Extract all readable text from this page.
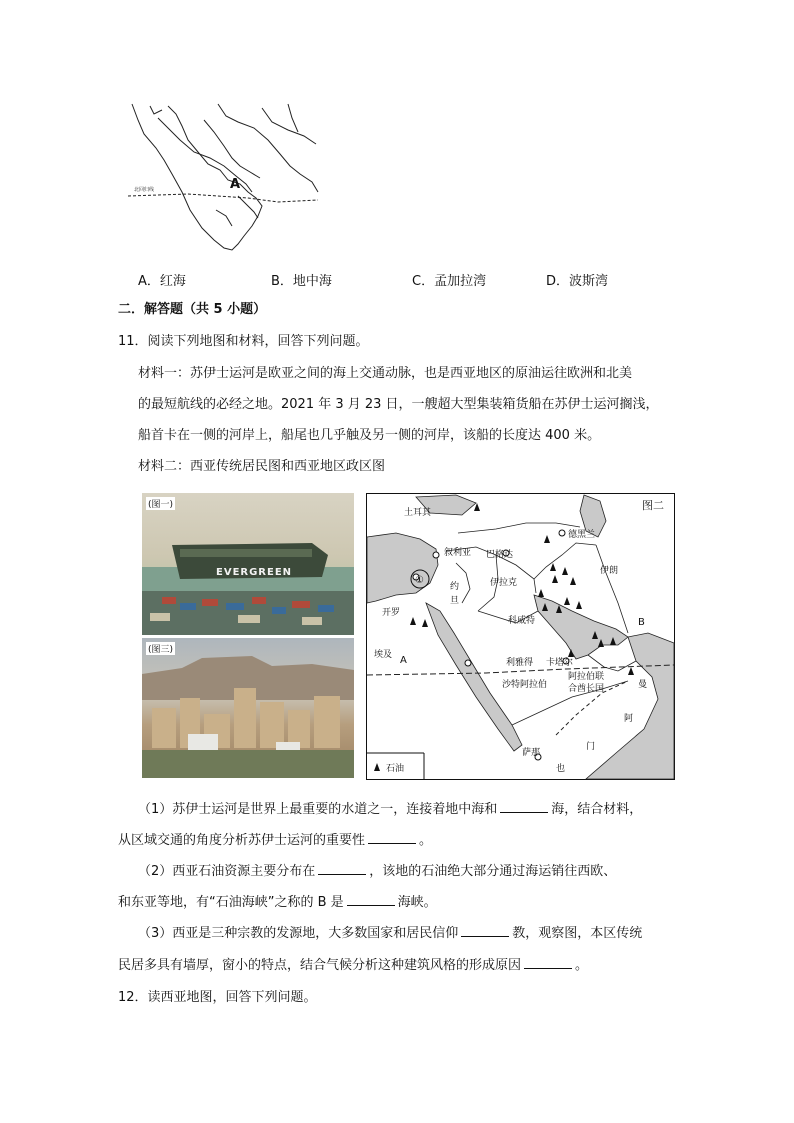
北回归线	A
A．红海	B．地中海	C．孟加拉湾	D．波斯湾
二．解答题（共 5 小题）
11．阅读下列地图和材料，回答下列问题。
材料一：苏伊士运河是欧亚之间的海上交通动脉，也是西亚地区的原油运往欧洲和北美
的最短航线的必经之地。2021 年 3 月 23 日，一艘超大型集装箱货船在苏伊士运河搁浅，
船首卡在一侧的河岸上，船尾也几乎触及另一侧的河岸，该船的长度达 400 米。
材料二：西亚传统居民图和西亚地区政区图
(图一)
EVERGREEN
(图三)
图二
土耳其
德黑兰
伊朗
叙利亚 巴格达
伊拉克
约
旦
①
开罗
科威特
埃及 A	利雅得 卡塔尔
阿拉伯联
合酋长国
沙特阿拉伯	曼
阿
B
萨那
门
也
石油
（1）苏伊士运河是世界上最重要的水道之一，连接着地中海和	海，结合材料，
从区域交通的角度分析苏伊士运河的重要性	。
（2）西亚石油资源主要分布在	，该地的石油绝大部分通过海运销往西欧、
和东亚等地，有“石油海峡”之称的 B 是	海峡。
（3）西亚是三种宗教的发源地，大多数国家和居民信仰	教，观察图，本区传统
民居多具有墙厚，窗小的特点，结合气候分析这种建筑风格的形成原因	。
12．读西亚地图，回答下列问题。
